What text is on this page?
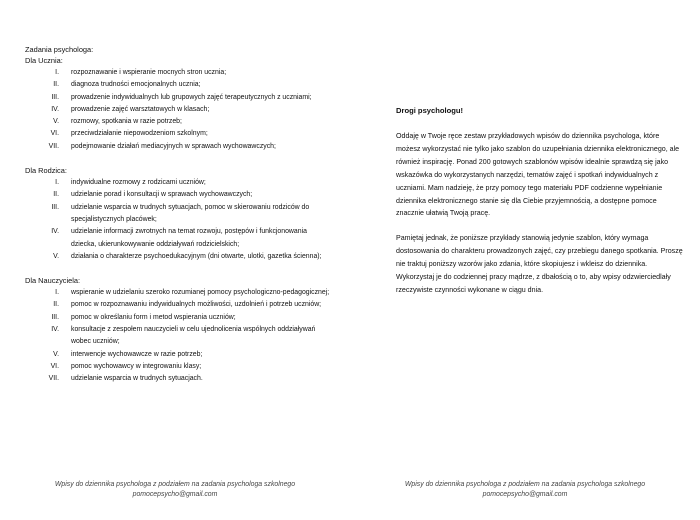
Zadania psychologa:

Dla Ucznia:

I.	rozpoznawanie i wspieranie mocnych stron ucznia;
II.	diagnoza trudności emocjonalnych ucznia;
III.	prowadzenie indywidualnych lub grupowych zajęć terapeutycznych z uczniami;
IV.	prowadzenie zajęć warsztatowych w klasach;
V.	rozmowy, spotkania w razie potrzeb;
VI.	przeciwdziałanie niepowodzeniom szkolnym;
VII.	podejmowanie działań mediacyjnych w sprawach wychowawczych;

Dla Rodzica:

I.	indywidualne rozmowy z rodzicami uczniów;
II.	udzielanie porad i konsultacji w sprawach wychowawczych;
III.	udzielanie wsparcia w trudnych sytuacjach, pomoc w skierowaniu rodziców do specjalistycznych placówek;
IV.	udzielanie informacji zwrotnych na temat rozwoju, postępów i funkcjonowania dziecka, ukierunkowywanie oddziaływań rodzicielskich;
V.	działania o charakterze psychoedukacyjnym (dni otwarte, ulotki, gazetka ścienna);

Dla Nauczyciela:

I.	wspieranie w udzielaniu szeroko rozumianej pomocy psychologiczno-pedagogicznej;
II.	pomoc w rozpoznawaniu indywidualnych możliwości, uzdolnień i potrzeb uczniów;
III.	pomoc w określaniu form i metod wspierania uczniów;
IV.	konsultacje z zespołem nauczycieli w celu ujednolicenia wspólnych oddziaływań wobec uczniów;
V.	interwencje wychowawcze w razie potrzeb;
VI.	pomoc wychowawcy w integrowaniu klasy;
VII.	udzielanie wsparcia w trudnych sytuacjach.
Wpisy do dziennika psychologa z podziałem na zadania psychologa szkolnego
pomocepsycho@gmail.com

Drogi psychologu!

Oddaję w Twoje ręce zestaw przykładowych wpisów do dziennika psychologa, które możesz wykorzystać nie tylko jako szablon do uzupełniania dziennika elektronicznego, ale również inspirację. Ponad 200 gotowych szablonów wpisów idealnie sprawdzą się jako wskazówka do wykorzystanych narzędzi, tematów zajęć i spotkań indywidualnych z uczniami. Mam nadzieję, że przy pomocy tego materiału PDF codzienne wypełnianie dziennika elektronicznego stanie się dla Ciebie przyjemnością, a dostępne pomoce znacznie ułatwią Twoją pracę.

Pamiętaj jednak, że poniższe przykłady stanowią jedynie szablon, który wymaga dostosowania do charakteru prowadzonych zajęć, czy przebiegu danego spotkania. Proszę nie traktuj poniższy wzorów jako zdania, które skopiujesz i wkleisz do dziennika. Wykorzystaj je do codziennej pracy mądrze, z dbałością o to, aby wpisy odzwierciedlały rzeczywiste czynności wykonane w ciągu dnia.

Wpisy do dziennika psychologa z podziałem na zadania psychologa szkolnego
pomocepsycho@gmail.com
